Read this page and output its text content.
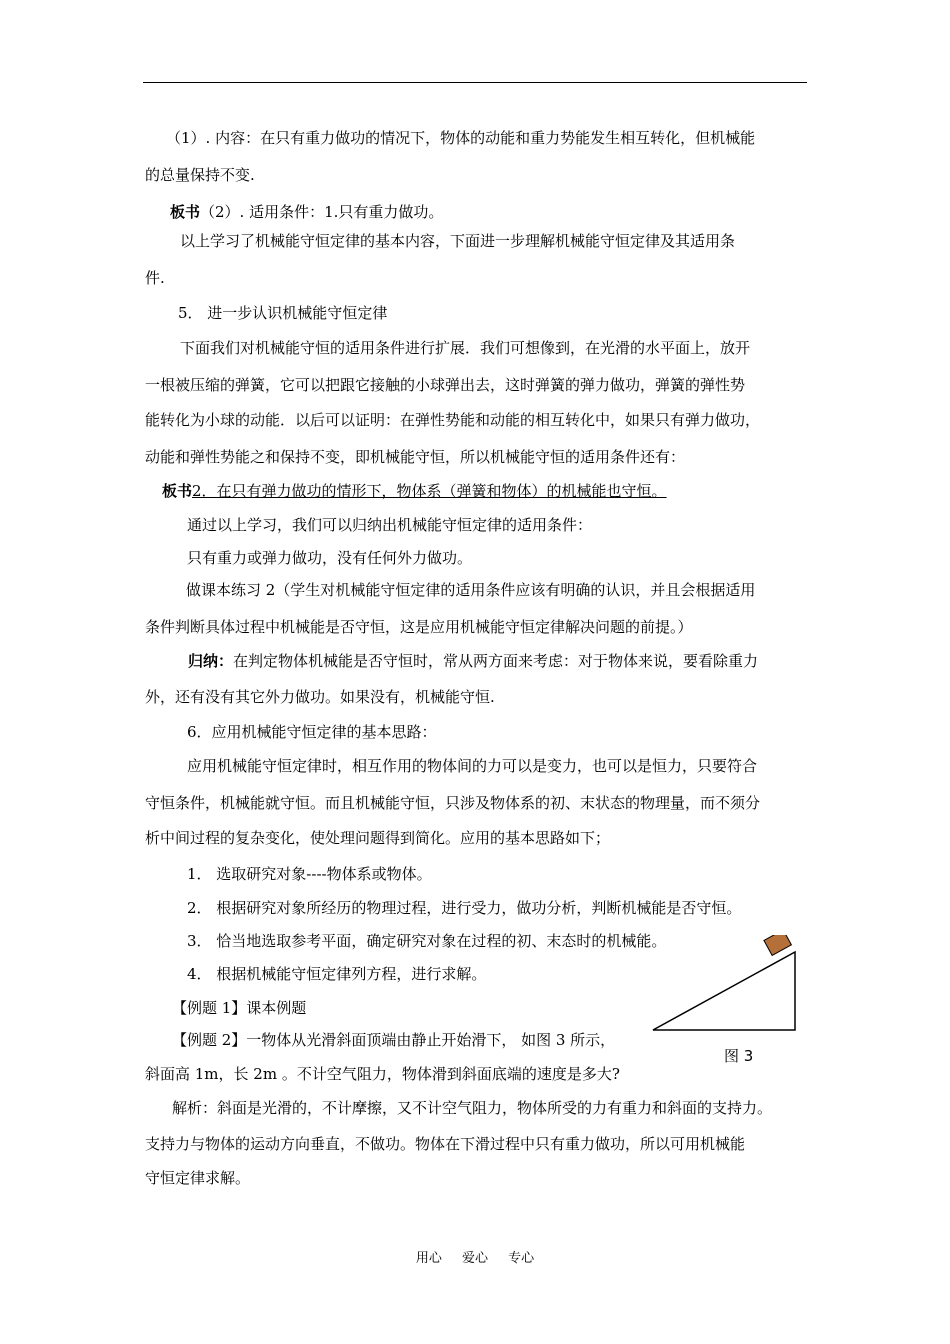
（1）. 内容：在只有重力做功的情况下，物体的动能和重力势能发生相互转化，但机械能
的总量保持不变.
板书（2）. 适用条件：1.只有重力做功。
以上学习了机械能守恒定律的基本内容，下面进一步理解机械能守恒定律及其适用条
件.
5． 进一步认识机械能守恒定律
下面我们对机械能守恒的适用条件进行扩展．我们可想像到，在光滑的水平面上，放开
一根被压缩的弹簧，它可以把跟它接触的小球弹出去，这时弹簧的弹力做功，弹簧的弹性势
能转化为小球的动能．以后可以证明：在弹性势能和动能的相互转化中，如果只有弹力做功，
动能和弹性势能之和保持不变，即机械能守恒，所以机械能守恒的适用条件还有：
板书2．在只有弹力做功的情形下，物体系（弹簧和物体）的机械能也守恒。
通过以上学习，我们可以归纳出机械能守恒定律的适用条件：
只有重力或弹力做功，没有任何外力做功。
做课本练习 2（学生对机械能守恒定律的适用条件应该有明确的认识，并且会根据适用
条件判断具体过程中机械能是否守恒，这是应用机械能守恒定律解决问题的前提。）
归纳：在判定物体机械能是否守恒时，常从两方面来考虑：对于物体来说，要看除重力
外，还有没有其它外力做功。如果没有，机械能守恒.
6．应用机械能守恒定律的基本思路：
应用机械能守恒定律时，相互作用的物体间的力可以是变力，也可以是恒力，只要符合
守恒条件，机械能就守恒。而且机械能守恒，只涉及物体系的初、末状态的物理量，而不须分
析中间过程的复杂变化，使处理问题得到简化。应用的基本思路如下；
1． 选取研究对象----物体系或物体。
2． 根据研究对象所经历的物理过程，进行受力，做功分析，判断机械能是否守恒。
3． 恰当地选取参考平面，确定研究对象在过程的初、末态时的机械能。
4． 根据机械能守恒定律列方程，进行求解。
【例题 1】课本例题
【例题 2】一物体从光滑斜面顶端由静止开始滑下， 如图 3 所示，
斜面高 1m，长 2m 。不计空气阻力，物体滑到斜面底端的速度是多大?
解析：斜面是光滑的，不计摩擦，又不计空气阻力，物体所受的力有重力和斜面的支持力。
支持力与物体的运动方向垂直，不做功。物体在下滑过程中只有重力做功，所以可用机械能
守恒定律求解。
图 3
用心 爱心 专心
